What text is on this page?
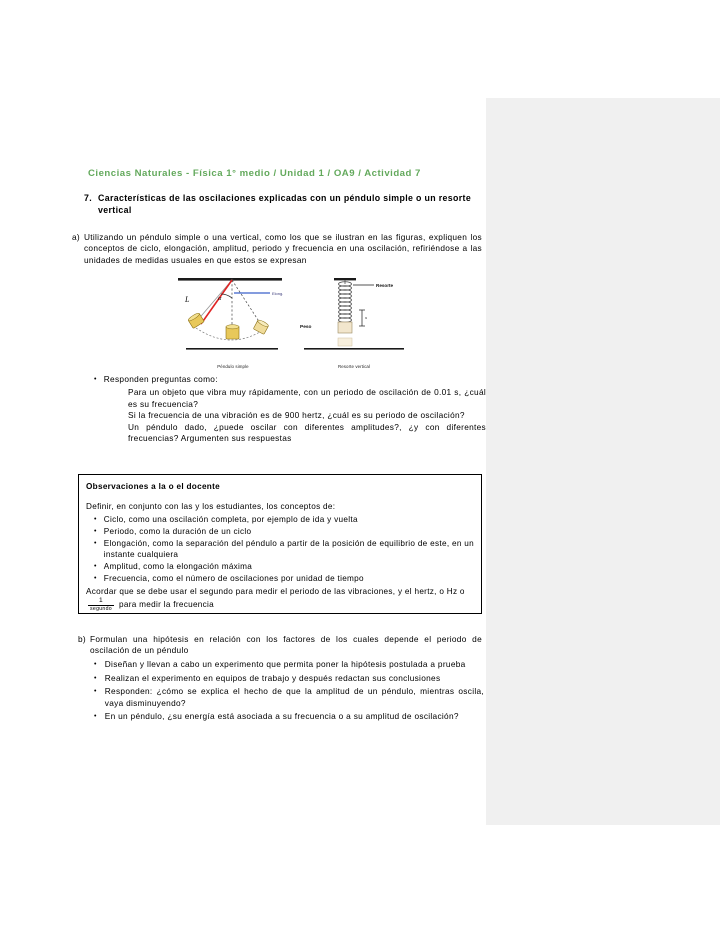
Ciencias Naturales - Física 1° medio / Unidad 1 / OA9 / Actividad 7
7. Características de las oscilaciones explicadas con un péndulo simple o un resorte vertical
a) Utilizando un péndulo simple o una vertical, como los que se ilustran en las figuras, expliquen los conceptos de ciclo, elongación, amplitud, periodo y frecuencia en una oscilación, refiriéndose a las unidades de medidas usuales en que estos se expresan
L	α
Elong.
Péndulo simple
Resorte
x
Peso
Resorte vertical
• Responden preguntas como:
Para un objeto que vibra muy rápidamente, con un periodo de oscilación de 0.01 s, ¿cuál es su frecuencia?
Si la frecuencia de una vibración es de 900 hertz, ¿cuál es su periodo de oscilación?
Un péndulo dado, ¿puede oscilar con diferentes amplitudes?, ¿y con diferentes frecuencias? Argumenten sus respuestas
Observaciones a la o el docente
Definir, en conjunto con las y los estudiantes, los conceptos de:
• Ciclo, como una oscilación completa, por ejemplo de ida y vuelta
• Periodo, como la duración de un ciclo
• Elongación, como la separación del péndulo a partir de la posición de equilibrio de este, en un instante cualquiera
• Amplitud, como la elongación máxima
• Frecuencia, como el número de oscilaciones por unidad de tiempo
Acordar que se debe usar el segundo para medir el periodo de las vibraciones, y el hertz, o Hz o
$\frac{1}{\text{segundo}}$ para medir la frecuencia
b) Formulan una hipótesis en relación con los factores de los cuales depende el periodo de oscilación de un péndulo
• Diseñan y llevan a cabo un experimento que permita poner la hipótesis postulada a prueba
• Realizan el experimento en equipos de trabajo y después redactan sus conclusiones
• Responden: ¿cómo se explica el hecho de que la amplitud de un péndulo, mientras oscila, vaya disminuyendo?
• En un péndulo, ¿su energía está asociada a su frecuencia o a su amplitud de oscilación?
